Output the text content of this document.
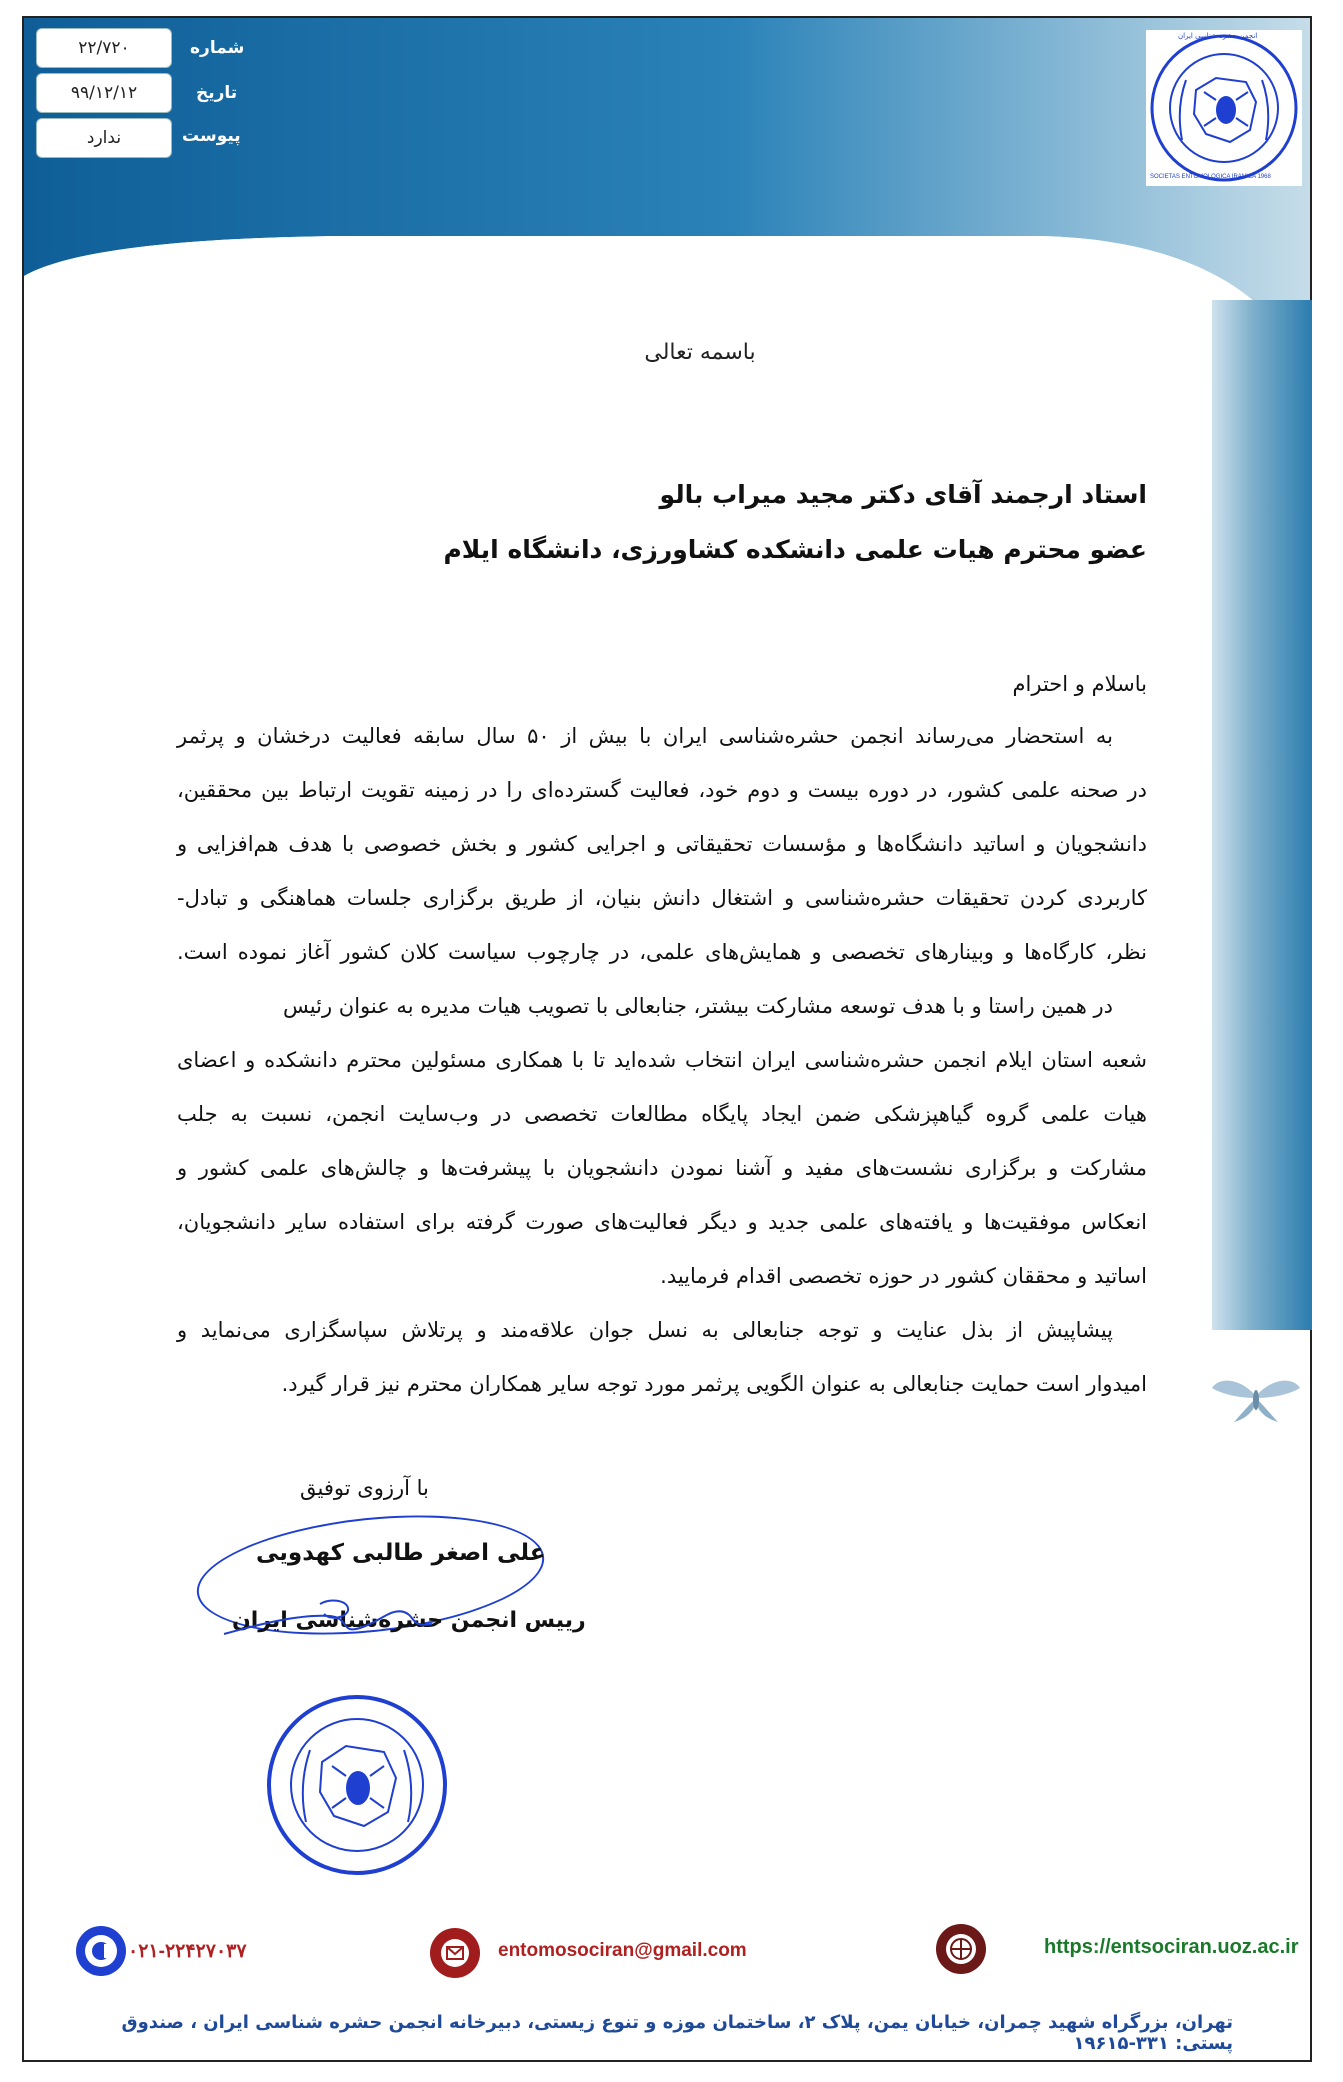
۲۲/۷۲۰	شماره
۹۹/۱۲/۱۲	تاریخ
ندارد	پیوست
انجمن حشره شناسی ایران
SOCIETAS ENTOMOLOGICA IRANICA 1968
باسمه تعالی
استاد ارجمند آقای دکتر مجید میراب بالو
عضو محترم هیات علمی دانشکده کشاورزی، دانشگاه ایلام
باسلام و احترام
به استحضار می‌رساند انجمن حشره‌شناسی ایران با بیش از ۵۰ سال سابقه فعالیت درخشان و پرثمر
در صحنه علمی کشور، در دوره بیست و دوم خود، فعالیت گسترده‌ای را در زمینه تقویت ارتباط بین محققین،
دانشجویان و اساتید دانشگاه‌ها و مؤسسات تحقیقاتی و اجرایی کشور و بخش خصوصی با هدف هم‌افزایی و
کاربردی کردن تحقیقات حشره‌شناسی و اشتغال دانش بنیان، از طریق برگزاری جلسات هماهنگی و تبادل-
نظر، کارگاه‌ها و وبینارهای تخصصی و همایش‌های علمی، در چارچوب سیاست کلان کشور آغاز نموده است.
در همین راستا و با هدف توسعه مشارکت بیشتر، جنابعالی با تصویب هیات مدیره به عنوان رئیس
شعبه استان ایلام انجمن حشره‌شناسی ایران انتخاب شده‌اید تا با همکاری مسئولین محترم دانشکده و اعضای
هیات علمی گروه گیاهپزشکی ضمن ایجاد پایگاه مطالعات تخصصی در وب‌سایت انجمن، نسبت به جلب
مشارکت و برگزاری نشست‌های مفید و آشنا نمودن دانشجویان با پیشرفت‌ها و چالش‌های علمی کشور و
انعکاس موفقیت‌ها و یافته‌های علمی جدید و دیگر فعالیت‌های صورت گرفته برای استفاده سایر دانشجویان،
اساتید و محققان کشور در حوزه تخصصی اقدام فرمایید.
پیشاپیش از بذل عنایت و توجه جنابعالی به نسل جوان علاقه‌مند و پرتلاش سپاسگزاری می‌نماید و
امیدوار است حمایت جنابعالی به عنوان الگویی پرثمر مورد توجه سایر همکاران محترم نیز قرار گیرد.
با آرزوی توفیق
علی اصغر طالبی کهدویی
رییس انجمن حشره‌شناسی ایران
۰۲۱-۲۲۴۲۷۰۳۷	entomosociran@gmail.com	https://entsociran.uoz.ac.ir
تهران، بزرگراه شهید چمران، خیابان یمن، پلاک ۲، ساختمان موزه و تنوع زیستی، دبیرخانه انجمن حشره شناسی ایران ، صندوق پستی: ۳۳۱-۱۹۶۱۵
